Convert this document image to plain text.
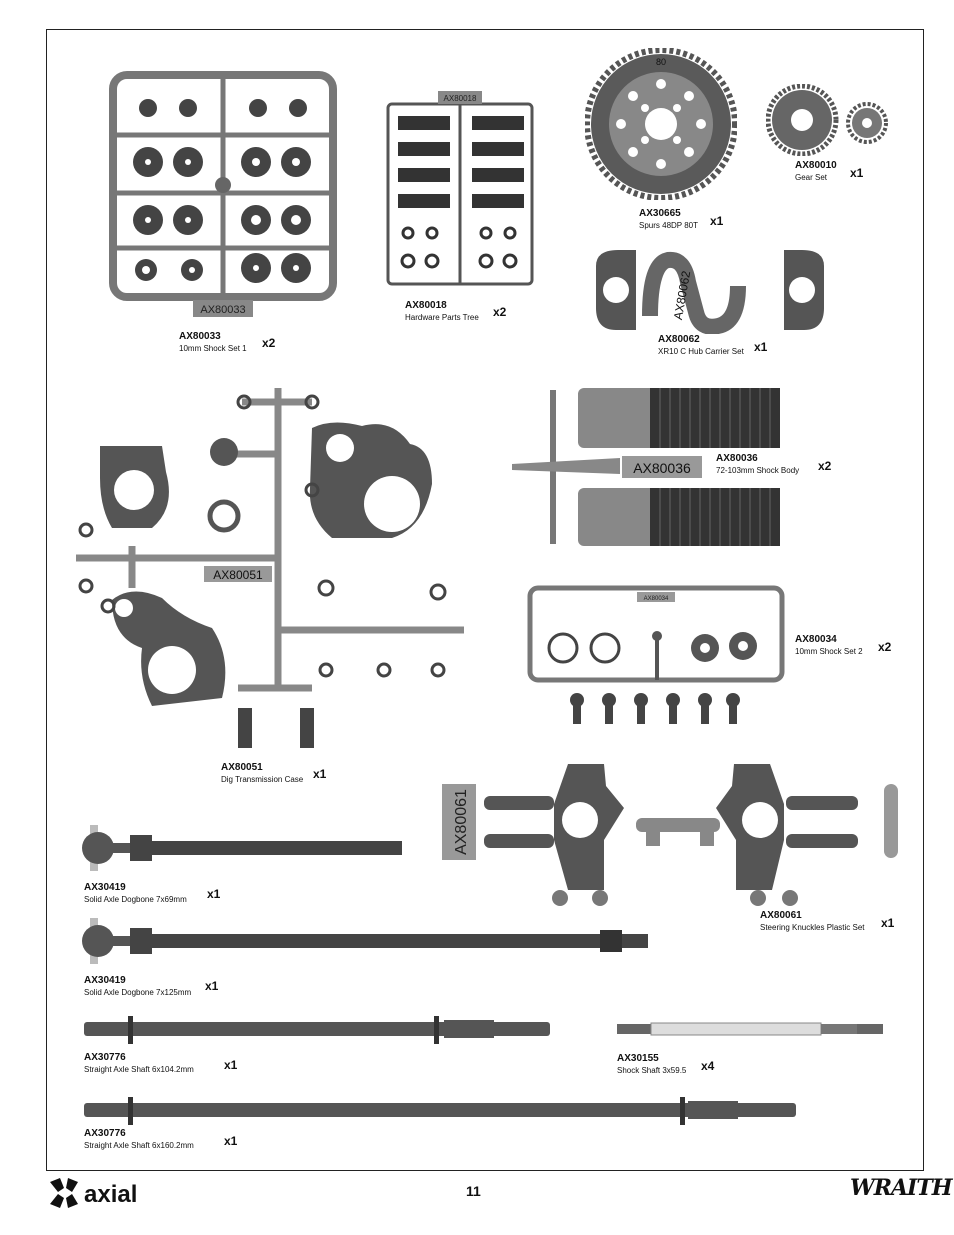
AX80033
AX80033
10mm Shock Set 1 x2
AX80018
AX80018
Hardware Parts Tree x2
80
AX30665
Spurs 48DP 80T x1
AX80010
Gear Set	x1
AX80062
AX80062
XR10 C Hub Carrier Set x1
AX80051
AX80051
Dig Transmission Case x1
AX80036
AX80036
72-103mm Shock Body x2
AX80034
AX80034
10mm Shock Set 2 x2
AX30419
Solid Axle Dogbone 7x69mm x1
AX80061
AX80061
Steering Knuckles Plastic Set x1
AX30419
Solid Axle Dogbone 7x125mm x1
AX30776
Straight Axle Shaft 6x104.2mm	x1	AX30155
Shock Shaft 3x59.5 x4
AX30776
Straight Axle Shaft 6x160.2mm	x1
axial	11	WRAITH
